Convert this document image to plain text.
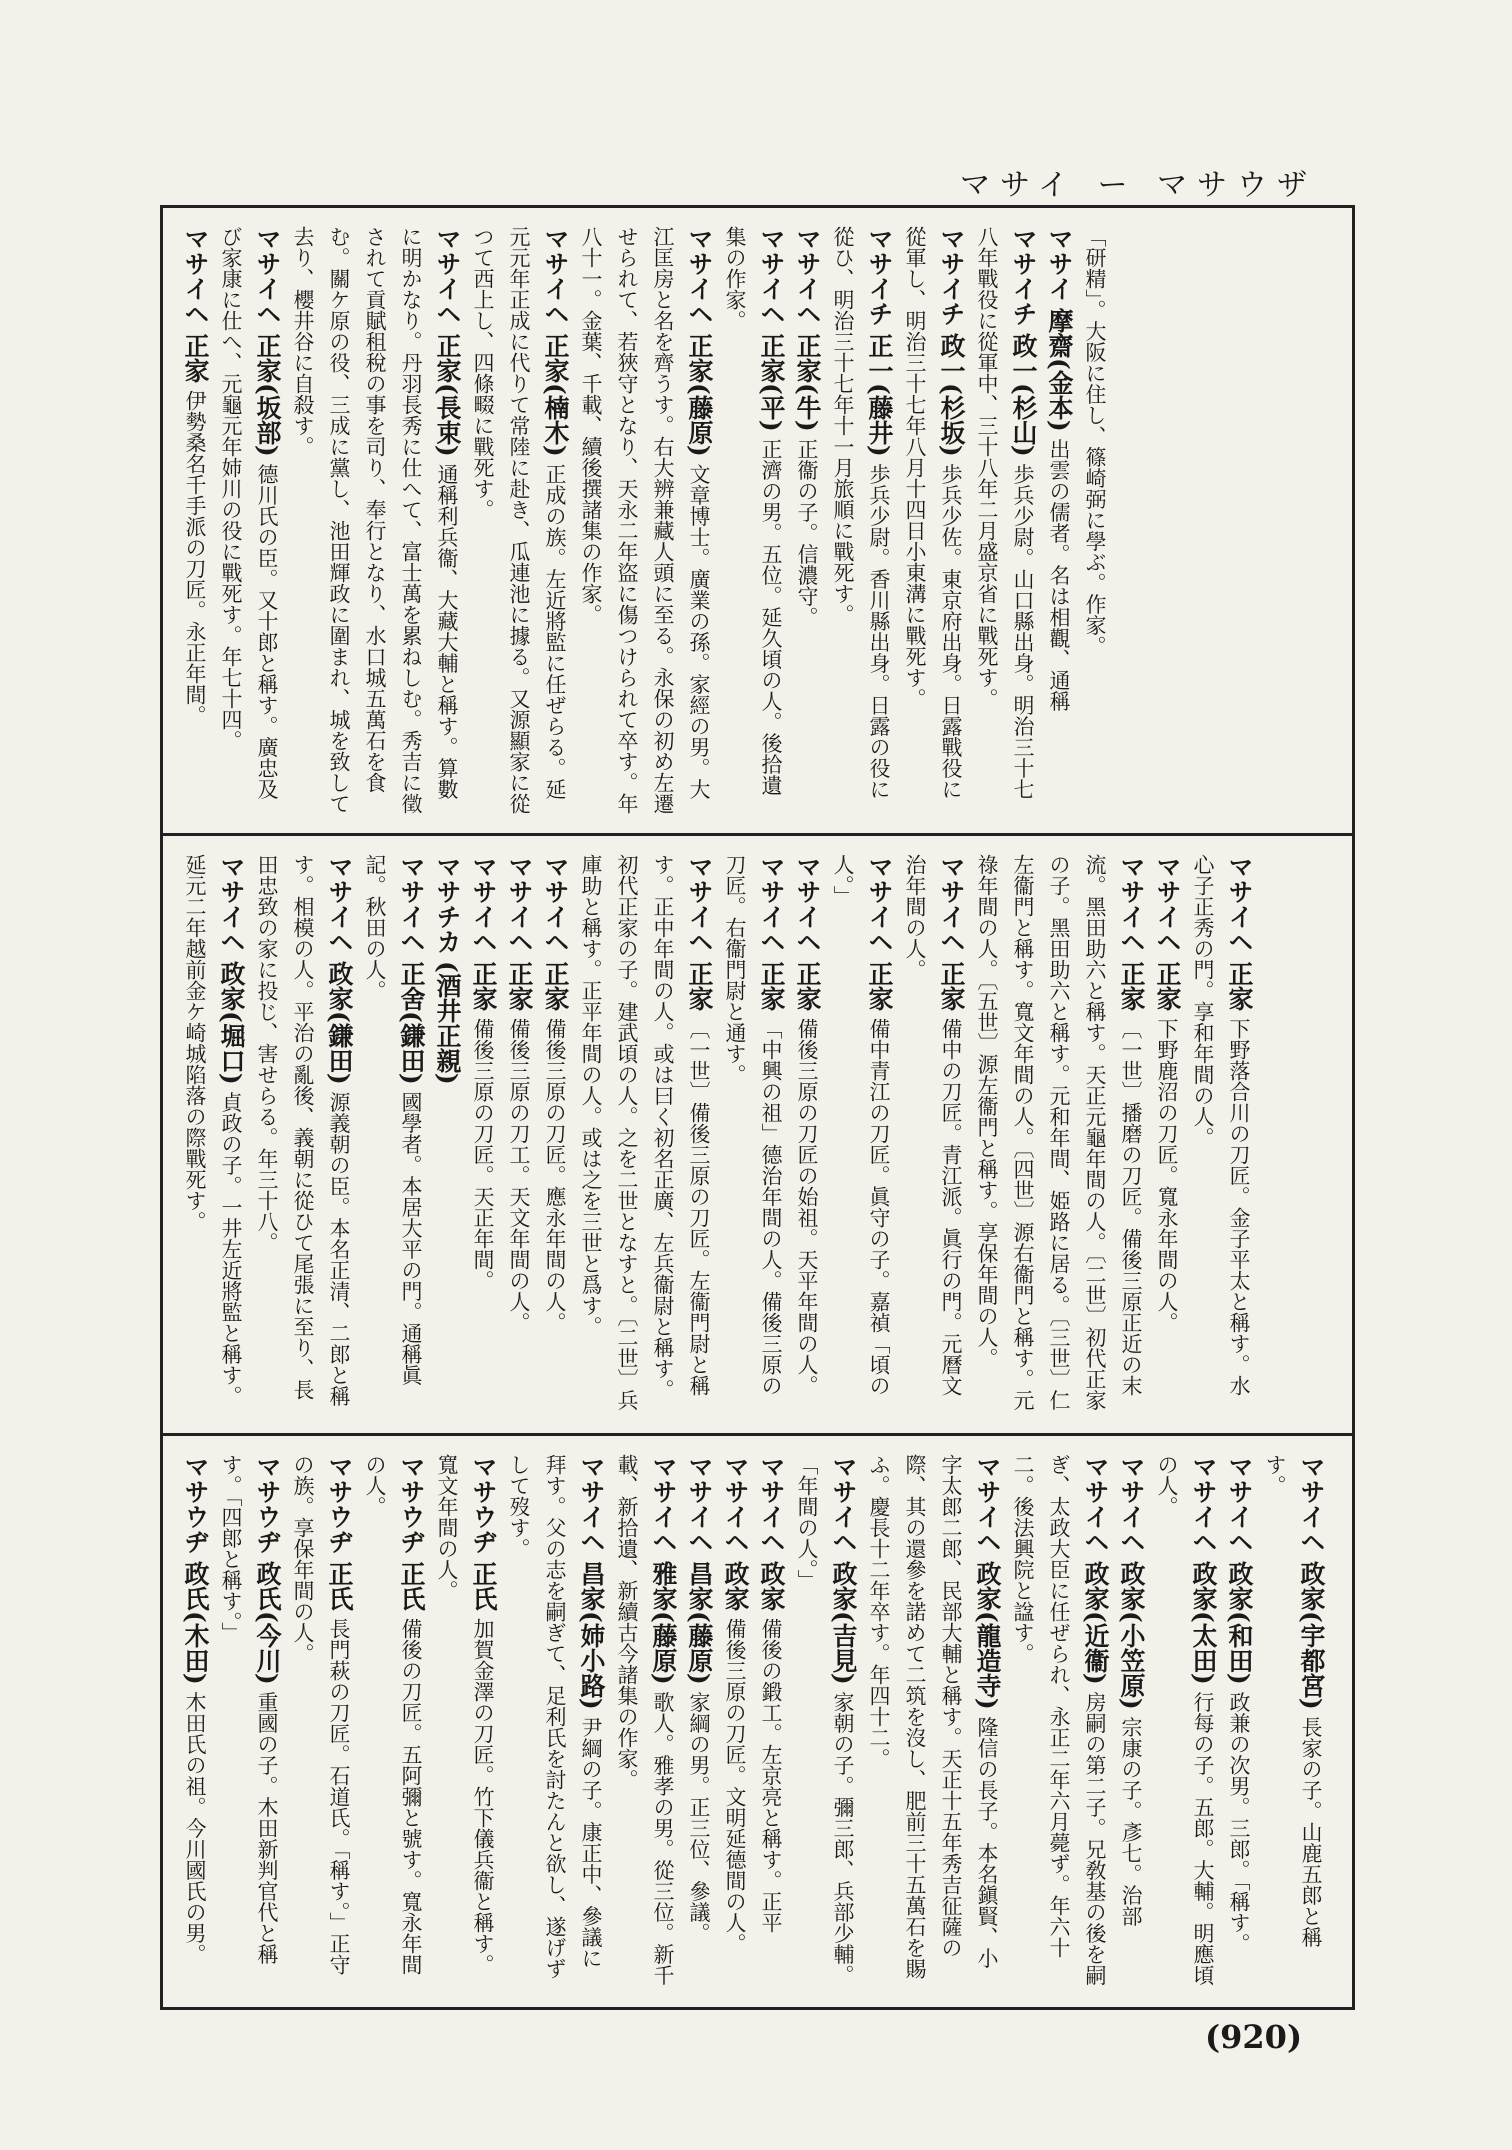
マサイ ー マサウザ

「研精」。大阪に住し、篠崎弼に學ぶ。作家。

マサイ 摩齋(金本) 出雲の儒者。名は相觀、通稱

マサイチ 政一(杉山) 歩兵少尉。山口縣出身。明治三十七八年戰役に從軍中、三十八年二月盛京省に戰死す。

マサイチ 政一(杉坂) 歩兵少佐。東京府出身。日露戰役に從軍し、明治三十七年八月十四日小東溝に戰死す。

マサイチ 正一(藤井) 歩兵少尉。香川縣出身。日露の役に從ひ、明治三十七年十一月旅順に戰死す。

マサイヘ 正家(牛) 正衞の子。信濃守。

マサイヘ 正家(平) 正濟の男。五位。延久頃の人。後拾遺集の作家。

マサイヘ 正家(藤原) 文章博士。廣業の孫。家經の男。大江匡房と名を齊うす。右大辨兼藏人頭に至る。永保の初め左遷せられて、若狹守となり、天永二年盜に傷つけられて卒す。年八十一。金葉、千載、續後撰諸集の作家。

マサイヘ 正家(楠木) 正成の族。左近將監に任ぜらる。延元元年正成に代りて常陸に赴き、瓜連池に據る。又源顯家に從つて西上し、四條畷に戰死す。

マサイヘ 正家(長束) 通稱利兵衞、大藏大輔と稱す。算數に明かなり。丹羽長秀に仕へて、富士萬を累ねしむ。秀吉に徵されて貢賦租稅の事を司り、奉行となり、水口城五萬石を食む。關ケ原の役、三成に黨し、池田輝政に圍まれ、城を致して去り、櫻井谷に自殺す。

マサイヘ 正家(坂部) 德川氏の臣。又十郎と稱す。廣忠及び家康に仕へ、元龜元年姉川の役に戰死す。年七十四。

マサイヘ 正家 伊勢桑名千手派の刀匠。永正年間。

マサイヘ 正家 下野落合川の刀匠。金子平太と稱す。水心子正秀の門。享和年間の人。

マサイヘ 正家 下野鹿沼の刀匠。寬永年間の人。

マサイヘ 正家 〔一世〕播磨の刀匠。備後三原正近の末流。黑田助六と稱す。天正元龜年間の人。〔二世〕初代正家の子。黑田助六と稱す。元和年間、姫路に居る。〔三世〕仁左衞門と稱す。寬文年間の人。〔四世〕源右衞門と稱す。元祿年間の人。〔五世〕源左衞門と稱す。享保年間の人。

マサイヘ 正家 備中の刀匠。青江派。眞行の門。元曆文治年間の人。

マサイヘ 正家 備中青江の刀匠。眞守の子。嘉禎「頃の人。」

マサイヘ 正家 備後三原の刀匠の始祖。天平年間の人。

マサイヘ 正家 「中興の祖」德治年間の人。備後三原の刀匠。右衞門尉と通す。

マサイヘ 正家 〔一世〕備後三原の刀匠。左衞門尉と稱す。正中年間の人。或は曰く初名正廣、左兵衞尉と稱す。初代正家の子。建武頃の人。之を二世となすと。〔二世〕兵庫助と稱す。正平年間の人。或は之を三世と爲す。

マサイヘ 正家 備後三原の刀匠。應永年間の人。

マサイヘ 正家 備後三原の刀工。天文年間の人。

マサイヘ 正家 備後三原の刀匠。天正年間。

マサチカ (酒井正親)

マサイヘ 正舍(鎌田) 國學者。本居大平の門。通稱眞記。秋田の人。

マサイヘ 政家(鎌田) 源義朝の臣。本名正清、二郎と稱す。相模の人。平治の亂後、義朝に從ひて尾張に至り、長田忠致の家に投じ、害せらる。年三十八。

マサイヘ 政家(堀口) 貞政の子。一井左近將監と稱す。延元二年越前金ケ崎城陷落の際戰死す。

マサイヘ 政家(宇都宮) 長家の子。山鹿五郎と稱す。

マサイヘ 政家(和田) 政兼の次男。三郎。「稱す。

マサイヘ 政家(太田) 行每の子。五郎。大輔。明應頃の人。

マサイヘ 政家(小笠原) 宗康の子。彥七。治部

マサイヘ 政家(近衞) 房嗣の第二子。兄敎基の後を嗣ぎ、太政大臣に任ぜられ、永正二年六月薨ず。年六十二。後法興院と諡す。

マサイヘ 政家(龍造寺) 隆信の長子。本名鎭賢、小字太郎二郎、民部大輔と稱す。天正十五年秀吉征薩の際、其の還參を諾めて二筑を沒し、肥前三十五萬石を賜ふ。慶長十二年卒す。年四十二。

マサイヘ 政家(吉見) 家朝の子。彌三郎、兵部少輔。「年間の人。」

マサイヘ 政家 備後の鍛工。左京亮と稱す。正平

マサイヘ 政家 備後三原の刀匠。文明延德間の人。

マサイヘ 昌家(藤原) 家綱の男。正三位、參議。

マサイヘ 雅家(藤原) 歌人。雅孝の男。從三位。新千載、新拾遺、新續古今諸集の作家。

マサイヘ 昌家(姉小路) 尹綱の子。康正中、參議に拜す。父の志を嗣ぎて、足利氏を討たんと欲し、遂げずして歿す。

マサウヂ 正氏 加賀金澤の刀匠。竹下儀兵衞と稱す。寬文年間の人。

マサウヂ 正氏 備後の刀匠。五阿彌と號す。寬永年間の人。

マサウヂ 正氏 長門萩の刀匠。石道氏。「稱す。」正守の族。享保年間の人。

マサウヂ 政氏(今川) 重國の子。木田新判官代と稱す。「四郎と稱す。」

マサウヂ 政氏(木田) 木田氏の祖。今川國氏の男。

(920)
